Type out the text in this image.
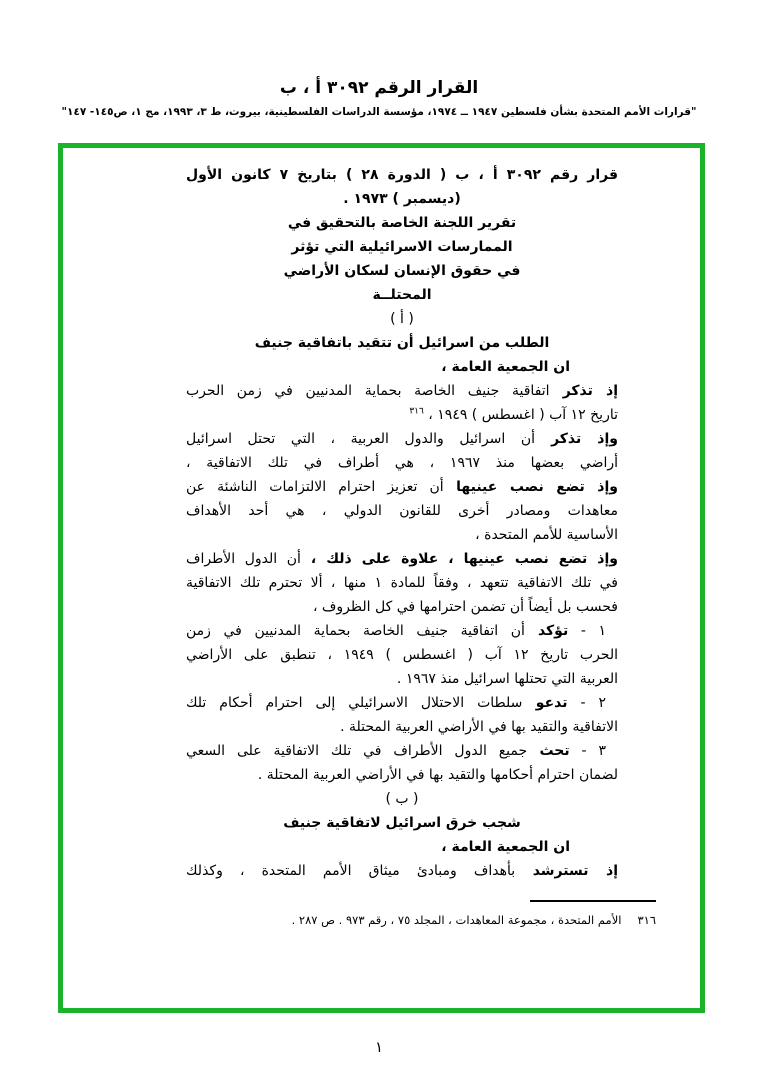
القرار الرقم ٣٠٩٢ أ ، ب
"قرارات الأمم المتحدة بشأن فلسطين ١٩٤٧ ــ ١٩٧٤، مؤسسة الدراسات الفلسطينية، بيروت، ط ٣، ١٩٩٣، مج ١، ص١٤٥- ١٤٧"
قرار رقم ٣٠٩٢ أ ، ب ( الدورة ٢٨ ) بتاريخ ٧ كانون الأول
(ديسمبر ) ١٩٧٣ .
تقرير اللجنة الخاصة بالتحقيق في
الممارسات الاسرائيلية التي تؤثر
في حقوق الإنسان لسكان الأراضي
المحتلــة
( أ )
الطلب من اسرائيل أن تتقيد باتفاقية جنيف
ان الجمعية العامة ،
إذ تذكر اتفاقية جنيف الخاصة بحماية المدنيين في زمن الحرب
تاريخ ١٢ آب ( اغسطس ) ١٩٤٩ ، $^{٣١٦}$
وإذ تذكر أن اسرائيل والدول العربية ، التي تحتل اسرائيل
أراضي بعضها منذ ١٩٦٧ ، هي أطراف في تلك الاتفاقية ،
وإذ تضع نصب عينيها أن تعزيز احترام الالتزامات الناشئة عن
معاهدات ومصادر أخرى للقانون الدولي ، هي أحد الأهداف
الأساسية للأمم المتحدة ،
وإذ تضع نصب عينيها ، علاوة على ذلك ، أن الدول الأطراف
في تلك الاتفاقية تتعهد ، وفقاً للمادة ١ منها ، ألا تحترم تلك الاتفاقية
فحسب بل أيضاً أن تضمن احترامها في كل الظروف ،
١ - تؤكد أن اتفاقية جنيف الخاصة بحماية المدنيين في زمن
الحرب تاريخ ١٢ آب ( اغسطس ) ١٩٤٩ ، تنطبق على الأراضي
العربية التي تحتلها اسرائيل منذ ١٩٦٧ .
٢ - تدعو سلطات الاحتلال الاسرائيلي إلى احترام أحكام تلك
الاتفاقية والتقيد بها في الأراضي العربية المحتلة .
٣ - تحث جميع الدول الأطراف في تلك الاتفاقية على السعي
لضمان احترام أحكامها والتقيد بها في الأراضي العربية المحتلة .
( ب )
شجب خرق اسرائيل لاتفاقية جنيف
ان الجمعية العامة ،
إذ تسترشد بأهداف ومبادئ ميثاق الأمم المتحدة ، وكذلك
٣١٦الأمم المتحدة ، مجموعة المعاهدات ، المجلد ٧٥ ، رقم ٩٧٣ . ص ٢٨٧ .
١
